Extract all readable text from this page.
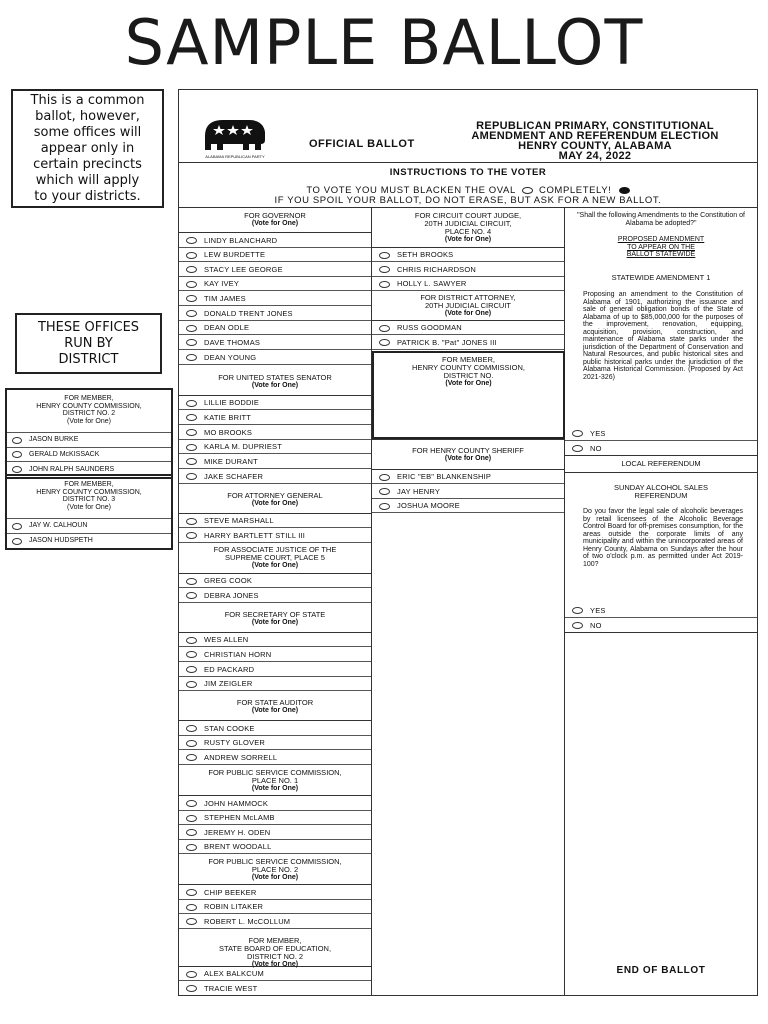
SAMPLE BALLOT
This is a common
ballot, however,
some offices will
appear only in
certain precincts
which will apply
to your districts.
THESE OFFICES
RUN BY
DISTRICT
FOR MEMBER,
HENRY COUNTY COMMISSION,
DISTRICT NO. 2
(Vote for One)
JASON BURKE
GERALD McKISSACK
JOHN RALPH SAUNDERS
FOR MEMBER,
HENRY COUNTY COMMISSION,
DISTRICT NO. 3
(Vote for One)
JAY W. CALHOUN
JASON HUDSPETH
ALABAMA REPUBLICAN PARTY
OFFICIAL BALLOT
REPUBLICAN PRIMARY, CONSTITUTIONAL
AMENDMENT AND REFERENDUM ELECTION
HENRY COUNTY, ALABAMA
MAY 24, 2022
INSTRUCTIONS TO THE VOTER
TO VOTE YOU MUST BLACKEN THE OVAL COMPLETELY!
IF YOU SPOIL YOUR BALLOT, DO NOT ERASE, BUT ASK FOR A NEW BALLOT.
FOR GOVERNOR
(Vote for One)
LINDY BLANCHARD
LEW BURDETTE
STACY LEE GEORGE
KAY IVEY
TIM JAMES
DONALD TRENT JONES
DEAN ODLE
DAVE THOMAS
DEAN YOUNG
FOR UNITED STATES SENATOR
(Vote for One)
LILLIE BODDIE
KATIE BRITT
MO BROOKS
KARLA M. DUPRIEST
MIKE DURANT
JAKE SCHAFER
FOR ATTORNEY GENERAL
(Vote for One)
STEVE MARSHALL
HARRY BARTLETT STILL III
FOR ASSOCIATE JUSTICE OF THE SUPREME COURT, PLACE 5
(Vote for One)
GREG COOK
DEBRA JONES
FOR SECRETARY OF STATE
(Vote for One)
WES ALLEN
CHRISTIAN HORN
ED PACKARD
JIM ZEIGLER
FOR STATE AUDITOR
(Vote for One)
STAN COOKE
RUSTY GLOVER
ANDREW SORRELL
FOR PUBLIC SERVICE COMMISSION,
PLACE NO. 1
(Vote for One)
JOHN HAMMOCK
STEPHEN McLAMB
JEREMY H. ODEN
BRENT WOODALL
FOR PUBLIC SERVICE COMMISSION,
PLACE NO. 2
(Vote for One)
CHIP BEEKER
ROBIN LITAKER
ROBERT L. McCOLLUM
FOR MEMBER,
STATE BOARD OF EDUCATION,
DISTRICT NO. 2
(Vote for One)
ALEX BALKCUM
TRACIE WEST
FOR CIRCUIT COURT JUDGE,
20TH JUDICIAL CIRCUIT,
PLACE NO. 4
(Vote for One)
SETH BROOKS
CHRIS RICHARDSON
HOLLY L. SAWYER
FOR DISTRICT ATTORNEY,
20TH JUDICIAL CIRCUIT
(Vote for One)
RUSS GOODMAN
PATRICK B. "Pat" JONES III
FOR MEMBER,
HENRY COUNTY COMMISSION,
DISTRICT NO.
(Vote for One)
FOR HENRY COUNTY SHERIFF
(Vote for One)
ERIC "EB" BLANKENSHIP
JAY HENRY
JOSHUA MOORE
"Shall the following Amendments to the Constitution of Alabama be adopted?"
PROPOSED AMENDMENT
TO APPEAR ON THE
BALLOT STATEWIDE
STATEWIDE AMENDMENT 1
Proposing an amendment to the Constitution of Alabama of 1901, authorizing the issuance and sale of general obligation bonds of the State of Alabama of up to $85,000,000 for the purposes of the improvement, renovation, equipping, acquisition, provision, construction, and maintenance of Alabama state parks under the jurisdiction of the Department of Conservation and Natural Resources, and public historical sites and public historical parks under the jurisdiction of the Alabama Historical Commission. (Proposed by Act 2021-326)
YES
NO
LOCAL REFERENDUM
SUNDAY ALCOHOL SALES
REFERENDUM
Do you favor the legal sale of alcoholic beverages by retail licensees of the Alcoholic Beverage Control Board for off-premises consumption, for the areas outside the corporate limits of any municipality and within the unincorporated areas of Henry County, Alabama on Sundays after the hour of two o'clock p.m. as permitted under Act 2019-100?
YES
NO
END OF BALLOT
